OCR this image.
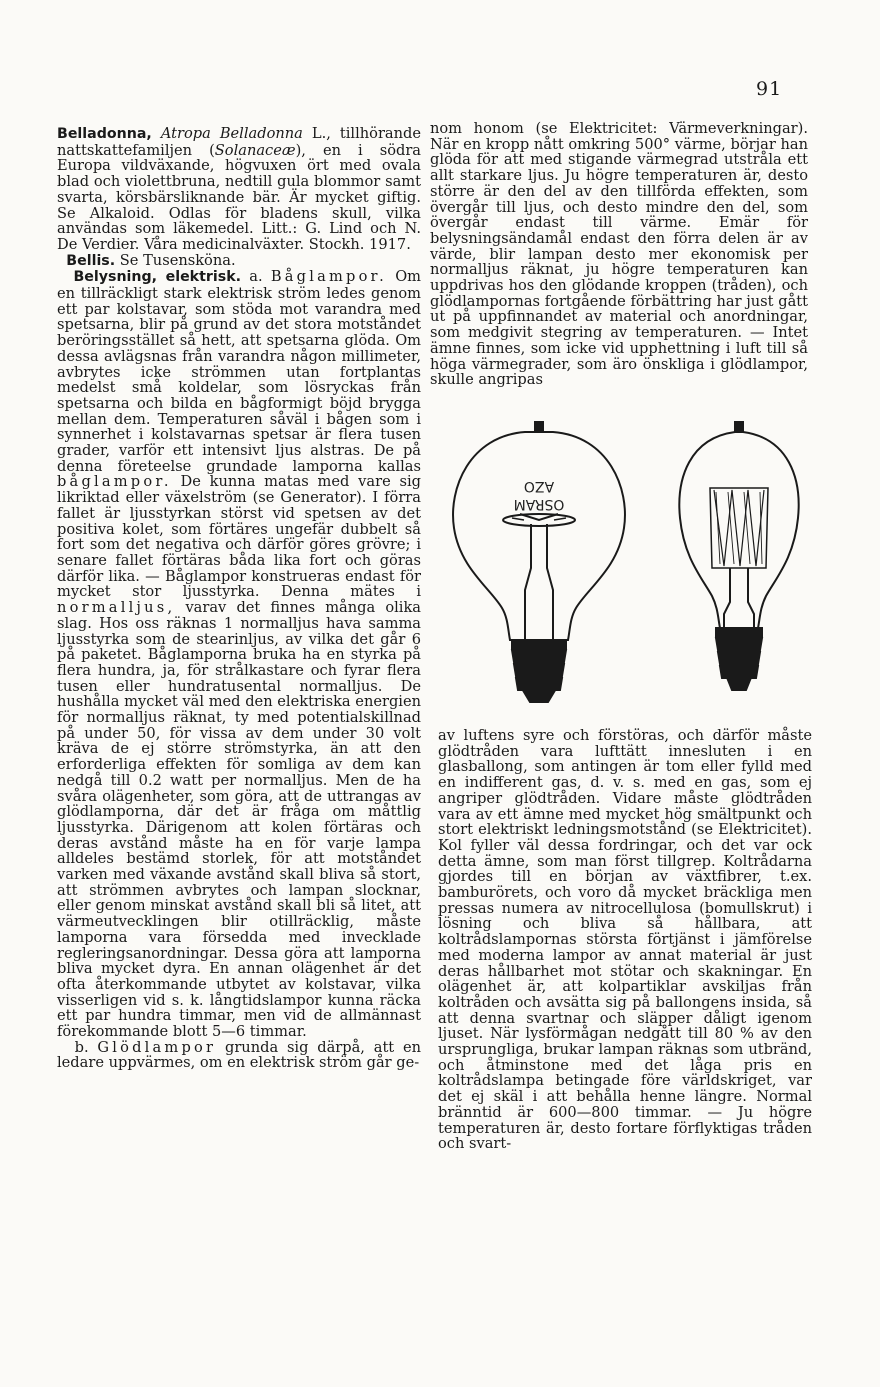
91

Belladonna, Atropa Belladonna L., tillhörande nattskattefamiljen (Solanaceæ), en i södra Europa vildväxande, högvuxen ört med ovala blad och violettbruna, nedtill gula blommor samt svarta, körsbärsliknande bär. Är mycket giftig. Se Alkaloid. Odlas för bladens skull, vilka användas som läkemedel. Litt.: G. Lind och N. De Verdier. Våra medicinalväxter. Stockh. 1917.

Bellis. Se Tusensköna.

Belysning, elektrisk. a. Båglampor. Om en tillräckligt stark elektrisk ström ledes genom ett par kolstavar, som stöda mot varandra med spetsarna, blir på grund av det stora motståndet beröringsstället så hett, att spetsarna glöda. Om dessa avlägsnas från varandra någon millimeter, avbrytes icke strömmen utan fortplantas medelst små koldelar, som lösryckas från spetsarna och bilda en bågformigt böjd brygga mellan dem. Temperaturen såväl i bågen som i synnerhet i kolstavarnas spetsar är flera tusen grader, varför ett intensivt ljus alstras. De på denna företeelse grundade lamporna kallas båglampor. De kunna matas med vare sig likriktad eller växelström (se Generator). I förra fallet är ljusstyrkan störst vid spetsen av det positiva kolet, som förtäres ungefär dubbelt så fort som det negativa och därför göres grövre; i senare fallet förtäras båda lika fort och göras därför lika. — Båglampor konstrueras endast för mycket stor ljusstyrka. Denna mätes i normalljus, varav det finnes många olika slag. Hos oss räknas 1 normalljus hava samma ljusstyrka som de stearinljus, av vilka det går 6 på paketet. Båglamporna bruka ha en styrka på flera hundra, ja, för strålkastare och fyrar flera tusen eller hundratusental normalljus. De hushålla mycket väl med den elektriska energien för normalljus räknat, ty med potentialskillnad på under 50, för vissa av dem under 30 volt kräva de ej större strömstyrka, än att den erforderliga effekten för somliga av dem kan nedgå till 0.2 watt per normalljus. Men de ha svåra olägenheter, som göra, att de uttrangas av glödlamporna, där det är fråga om måttlig ljusstyrka. Därigenom att kolen förtäras och deras avstånd måste ha en för varje lampa alldeles bestämd storlek, för att motståndet varken med växande avstånd skall bliva så stort, att strömmen avbrytes och lampan slocknar, eller genom minskat avstånd skall bli så litet, att värmeutvecklingen blir otillräcklig, måste lamporna vara försedda med invecklade regleringsanordningar. Dessa göra att lamporna bliva mycket dyra. En annan olägenhet är det ofta återkommande utbytet av kolstavar, vilka visserligen vid s. k. långtidslampor kunna räcka ett par hundra timmar, men vid de allmännast förekommande blott 5—6 timmar.

b. Glödlampor grunda sig därpå, att en ledare uppvärmes, om en elektrisk ström går ge-

nom honom (se Elektricitet: Värmeverkningar). När en kropp nått omkring 500° värme, börjar han glöda för att med stigande värmegrad utstråla ett allt starkare ljus. Ju högre temperaturen är, desto större är den del av den tillförda effekten, som övergår till ljus, och desto mindre den del, som övergår endast till värme. Emär för belysningsändamål endast den förra delen är av värde, blir lampan desto mer ekonomisk per normalljus räknat, ju högre temperaturen kan uppdrivas hos den glödande kroppen (tråden), och glödlampornas fortgående förbättring har just gått ut på uppfinnandet av material och anordningar, som medgivit stegring av temperaturen. — Intet ämne finnes, som icke vid upphettning i luft till så höga värmegrader, som äro önskliga i glödlampor, skulle angripas

OSRAM
AZO

av luftens syre och förstöras, och därför måste glödtråden vara lufttätt innesluten i en glasballong, som antingen är tom eller fylld med en indifferent gas, d. v. s. med en gas, som ej angriper glödtråden. Vidare måste glödtråden vara av ett ämne med mycket hög smältpunkt och stort elektriskt ledningsmotstånd (se Elektricitet). Kol fyller väl dessa fordringar, och det var ock detta ämne, som man först tillgrep. Koltrådarna gjordes till en början av växtfibrer, t.ex. bamburörets, och voro då mycket bräckliga men pressas numera av nitrocellulosa (bomullskrut) i lösning och bliva så hållbara, att koltrådslampornas största förtjänst i jämförelse med moderna lampor av annat material är just deras hållbarhet mot stötar och skakningar. En olägenhet är, att kolpartiklar avskiljas från koltråden och avsätta sig på ballongens insida, så att denna svartnar och släpper dåligt igenom ljuset. När lysförmågan nedgått till 80 % av den ursprungliga, brukar lampan räknas som utbränd, och åtminstone med det låga pris en koltrådslampa betingade före världskriget, var det ej skäl i att behålla henne längre. Normal bränntid är 600—800 timmar. — Ju högre temperaturen är, desto fortare förflyktigas tråden och svart-
